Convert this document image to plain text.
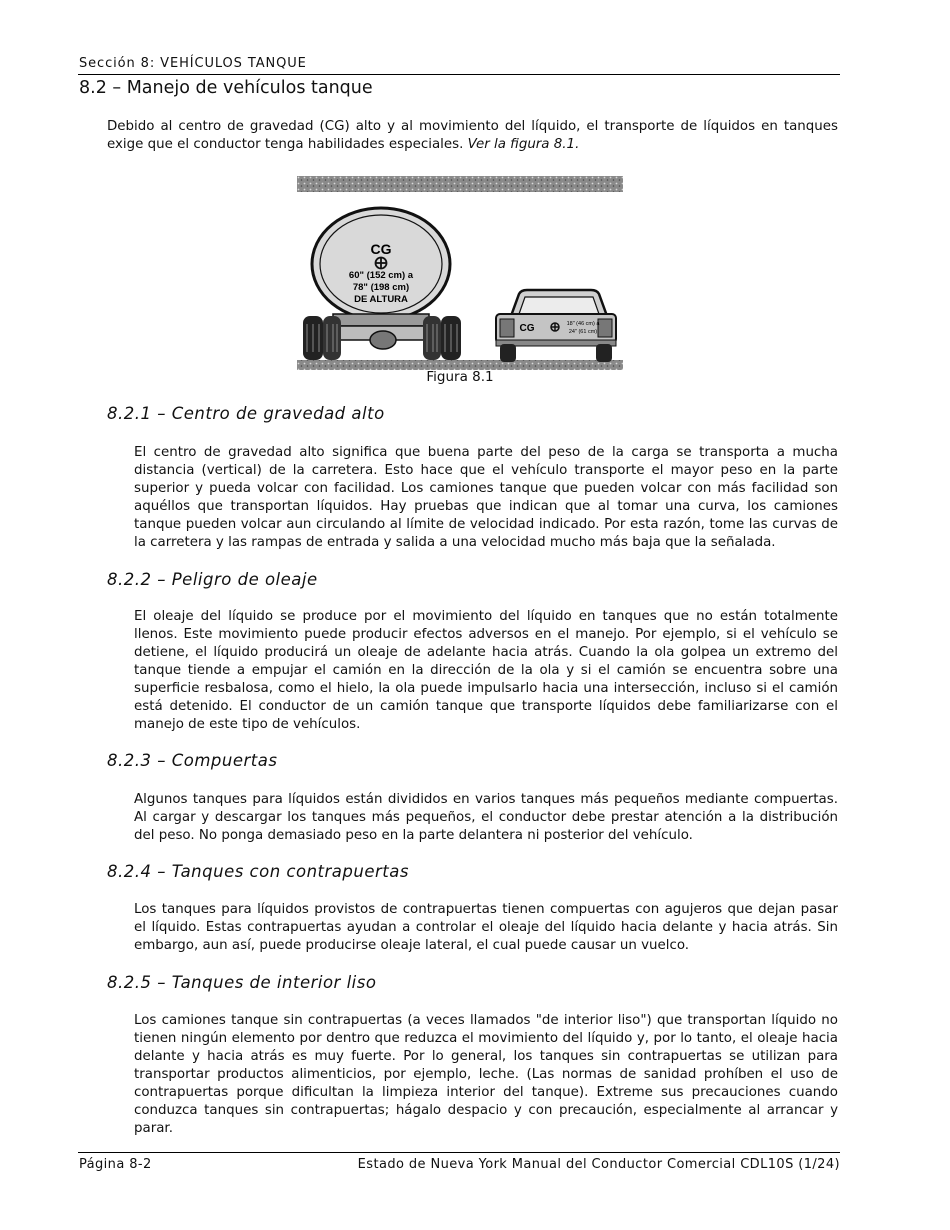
Sección 8: VEHÍCULOS TANQUE
8.2 – Manejo de vehículos tanque

Debido al centro de gravedad (CG) alto y al movimiento del líquido, el transporte de líquidos en tanques exige que el conductor tenga habilidades especiales. Ver la figura 8.1.

CG
60" (152 cm) a
78" (198 cm)
DE ALTURA
CG	18" (46 cm) a
24" (61 cm)
Figura 8.1
8.2.1 – Centro de gravedad alto

El centro de gravedad alto significa que buena parte del peso de la carga se transporta a mucha distancia (vertical) de la carretera. Esto hace que el vehículo transporte el mayor peso en la parte superior y pueda volcar con facilidad. Los camiones tanque que pueden volcar con más facilidad son aquéllos que transportan líquidos. Hay pruebas que indican que al tomar una curva, los camiones tanque pueden volcar aun circulando al límite de velocidad indicado. Por esta razón, tome las curvas de la carretera y las rampas de entrada y salida a una velocidad mucho más baja que la señalada.

8.2.2 – Peligro de oleaje

El oleaje del líquido se produce por el movimiento del líquido en tanques que no están totalmente llenos. Este movimiento puede producir efectos adversos en el manejo. Por ejemplo, si el vehículo se detiene, el líquido producirá un oleaje de adelante hacia atrás. Cuando la ola golpea un extremo del tanque tiende a empujar el camión en la dirección de la ola y si el camión se encuentra sobre una superficie resbalosa, como el hielo, la ola puede impulsarlo hacia una intersección, incluso si el camión está detenido. El conductor de un camión tanque que transporte líquidos debe familiarizarse con el manejo de este tipo de vehículos.

8.2.3 – Compuertas

Algunos tanques para líquidos están divididos en varios tanques más pequeños mediante compuertas. Al cargar y descargar los tanques más pequeños, el conductor debe prestar atención a la distribución del peso. No ponga demasiado peso en la parte delantera ni posterior del vehículo.

8.2.4 – Tanques con contrapuertas

Los tanques para líquidos provistos de contrapuertas tienen compuertas con agujeros que dejan pasar el líquido. Estas contrapuertas ayudan a controlar el oleaje del líquido hacia delante y hacia atrás. Sin embargo, aun así, puede producirse oleaje lateral, el cual puede causar un vuelco.

8.2.5 – Tanques de interior liso

Los camiones tanque sin contrapuertas (a veces llamados "de interior liso") que transportan líquido no tienen ningún elemento por dentro que reduzca el movimiento del líquido y, por lo tanto, el oleaje hacia delante y hacia atrás es muy fuerte. Por lo general, los tanques sin contrapuertas se utilizan para transportar productos alimenticios, por ejemplo, leche. (Las normas de sanidad prohíben el uso de contrapuertas porque dificultan la limpieza interior del tanque). Extreme sus precauciones cuando conduzca tanques sin contrapuertas; hágalo despacio y con precaución, especialmente al arrancar y parar.

Página 8-2	Estado de Nueva York Manual del Conductor Comercial CDL10S (1/24)
